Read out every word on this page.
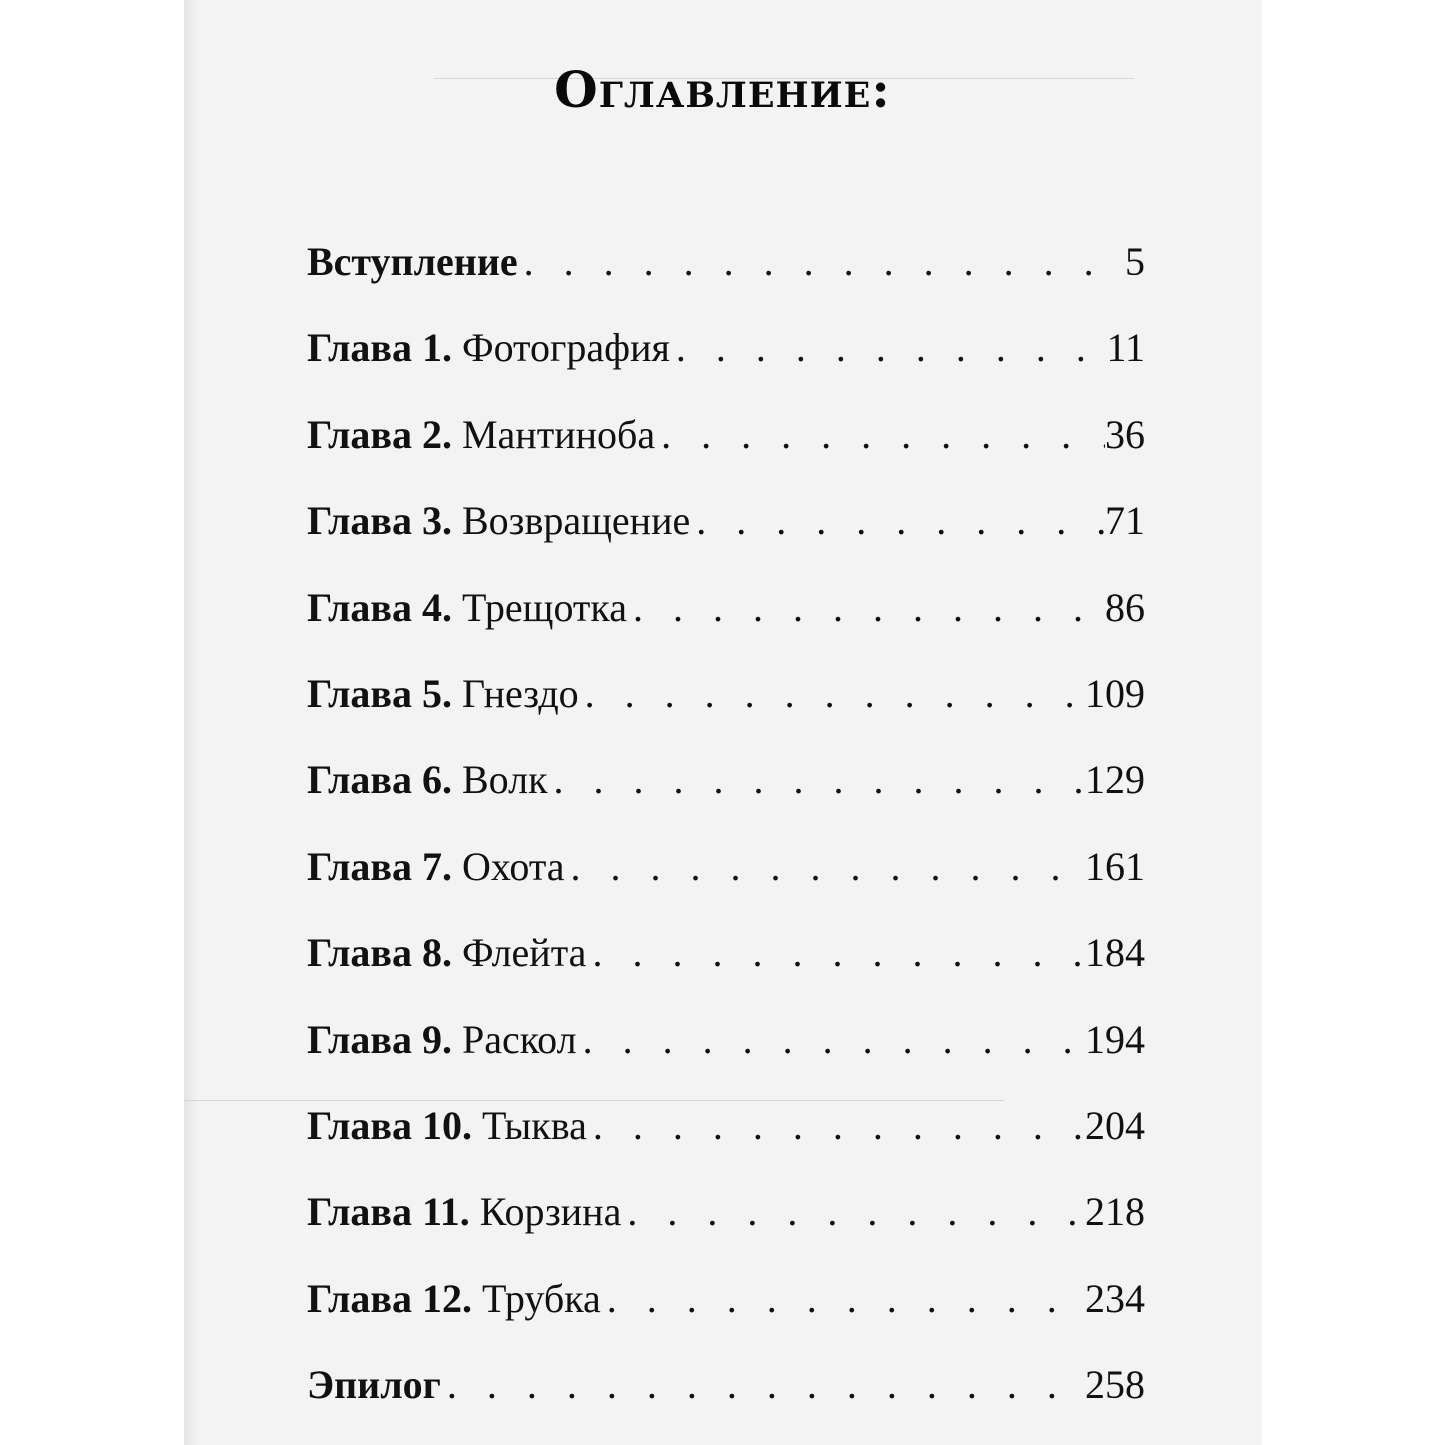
Оглавление:
Вступление . . .	5
Глава 1. Фотография . . .	11
Глава 2. Мантиноба . . .	36
Глава 3. Возвращение . . .	71
Глава 4. Трещотка . . .	86
Глава 5. Гнездо . . .	109
Глава 6. Волк . . .	129
Глава 7. Охота . . .	161
Глава 8. Флейта . . .	184
Глава 9. Раскол . . .	194
Глава 10. Тыква . . .	204
Глава 11. Корзина . . .	218
Глава 12. Трубка . . .	234
Эпилог . . .	258
